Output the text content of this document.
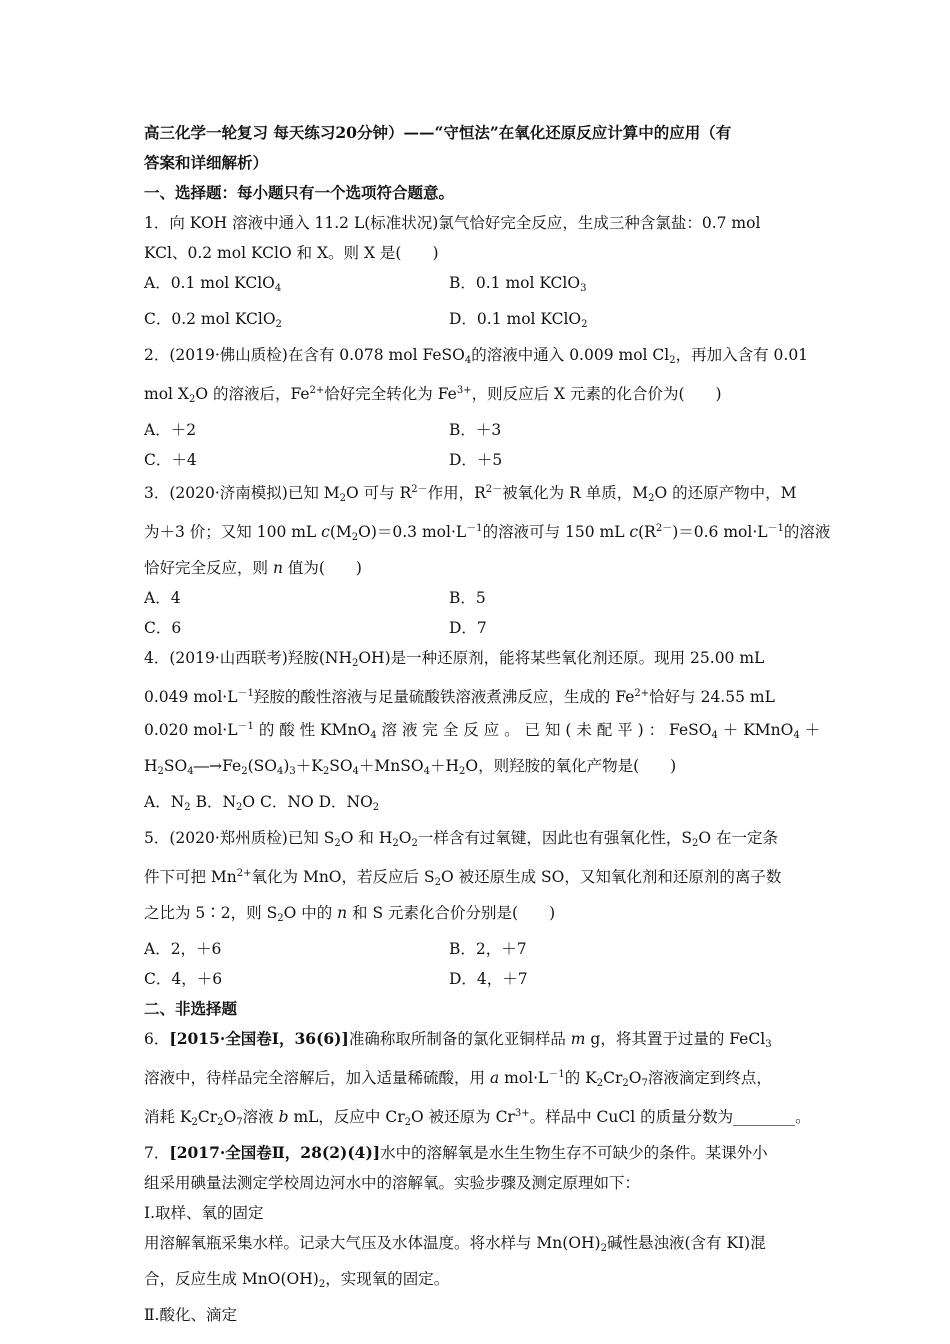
高三化学一轮复习 每天练习20分钟）——“守恒法”在氧化还原反应计算中的应用（有
答案和详细解析）
一、选择题：每小题只有一个选项符合题意。
1．向 KOH 溶液中通入 11.2 L(标准状况)氯气恰好完全反应，生成三种含氯盐：0.7 mol
KCl、0.2 mol KClO 和 X。则 X 是(　　)
A．0.1 mol KClO$_4$	B．0.1 mol KClO$_3$
C．0.2 mol KClO$_2$	D．0.1 mol KClO$_2$
2．(2019·佛山质检)在含有 0.078 mol FeSO$_4$的溶液中通入 0.009 mol $Cl_2$，再加入含有 0.01
mol $X_2O$ 的溶液后，$Fe^{2+}$恰好完全转化为 $Fe^{3+}$，则反应后 X 元素的化合价为(　　)
A．＋2	B．＋3
C．＋4	D．＋5
3．(2020·济南模拟)已知 $M_2O$ 可与 $R^{2-}$作用，$R^{2-}$被氧化为 R 单质，$M_2O$ 的还原产物中，M
为＋3 价；又知 100 mL $c(M_2O)=0.3$ $mol\cdot L^{-1}$的溶液可与 150 mL $c(R^{2-})=0.6$ $mol\cdot L^{-1}$的溶液
恰好完全反应，则 n 值为(　　)
A．4	B．5
C．6	D．7
4．(2019·山西联考)羟胺$(NH_2OH)$是一种还原剂，能将某些氧化剂还原。现用 25.00 mL
0.049 $mol\cdot L^{-1}$羟胺的酸性溶液与足量硫酸铁溶液煮沸反应，生成的 $Fe^{2+}$恰好与 24.55 mL
0.020 $mol\cdot L^{-1}$ 的 酸 性 KMnO$_4$ 溶 液 完 全 反 应 。 已 知 ( 未 配 平 ) ： FeSO$_4$ ＋ KMnO$_4$ ＋
$H_2SO_4―\to Fe_2(SO_4)_3+K_2SO_4+MnSO_4+H_2O$，则羟胺的氧化产物是(　　)
A．$N_2$ B．$N_2O$ C．NO D．$NO_2$
5．(2020·郑州质检)已知 $S_2O$ 和 $H_2O_2$一样含有过氧键，因此也有强氧化性，$S_2O$ 在一定条
件下可把 $Mn^{2+}$氧化为 MnO，若反应后 $S_2O$ 被还原生成 SO，又知氧化剂和还原剂的离子数
之比为 5∶2，则 $S_2O$ 中的 n 和 S 元素化合价分别是(　　)
A．2，＋6	B．2，＋7
C．4，＋6	D．4，＋7
二、非选择题
6．[2015·全国卷Ⅰ，36(6)]准确称取所制备的氯化亚铜样品 m g，将其置于过量的 FeCl$_3$
溶液中，待样品完全溶解后，加入适量稀硫酸，用 a $mol\cdot L^{-1}$的 $K_2Cr_2O_7$溶液滴定到终点，
消耗 $K_2Cr_2O_7$溶液 b mL，反应中 $Cr_2O$ 被还原为 $Cr^{3+}$。样品中 CuCl 的质量分数为________。
7．[2017·全国卷Ⅱ，28(2)(4)]水中的溶解氧是水生生物生存不可缺少的条件。某课外小
组采用碘量法测定学校周边河水中的溶解氧。实验步骤及测定原理如下：
Ⅰ.取样、氧的固定
用溶解氧瓶采集水样。记录大气压及水体温度。将水样与 $Mn(OH)_2$碱性悬浊液(含有 KI)混
合，反应生成 $MnO(OH)_2$，实现氧的固定。
Ⅱ.酸化、滴定
